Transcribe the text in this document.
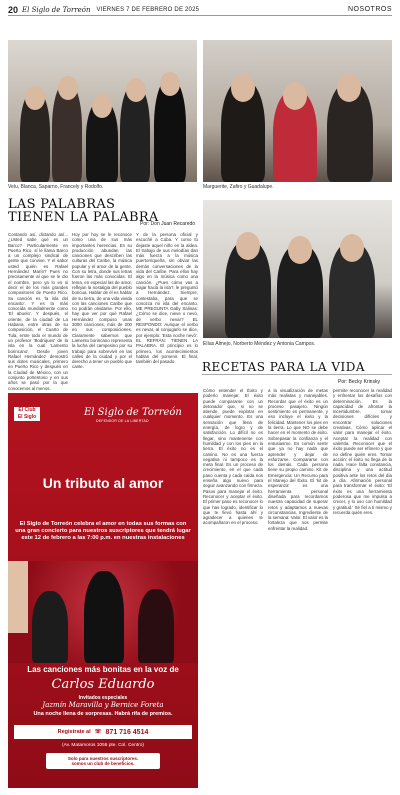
20 El Siglo de Torreón VIERNES 7 DE FEBRERO DE 2025	NOSOTROS
Velu, Blanca, Saparno, Francely y Rodolfo.	Marguerite, Zafiro y Guadalupe.
LAS PALABRAS
TIENEN LA PALABRA
Por: Don Juan Recaredo
Contando así, dictando así... ¿Usted sabe qué es un Barco? Particularmente en Puerto Rico, sí le llama Barco a un complejo sindical de gente que convive. Y el sabor usted quién es Rafael Hernández Marín? Pues no precisamente al que se le dio el nombre, pero ya lo es si decir el de los más grandes compositores de Puerto Rico. Su canción es 'la isla del encanto'. Y es la más conocida mundialmente como 'El abuelo'. Y después, el oriente, de la ciudad de La Habana, entre otras de su composición, el Cuarto de Tula, entre todo el mundo de un profesor 'Bodriques' de la isla en la cual 'Lamento borincano'. Desde joven Rafael Hernández demostró sus dotes musicales, primero en Puerto Rico y después en la Ciudad de México, con un conjunto portentoso y en sus años se pasó por la que conocemos al menos.
Hoy por hoy se le reconoce como una de sus más importantes herencias. En su producción abundan las canciones que describen las culturas del Caribe, la música popular y el amor de la gente. Con su letra, donde sus letras fueron las más conocidas. El tema, en especial las de amor, reflejan la nostalgia del pueblo boricua. Hablar de él es hablar de su tierra, de una vida vivida con las canciones Caribe que no podrán olvidarse. Por ello, hay que ver por qué Rafael Hernández compuso unas 3000 canciones, más de 200 en sus composiciones. Claramente sabemos que Lamento borincano representa la lucha del campesino por su trabajo para sobrevivir en las calles de la ciudad y por el derecho a tener un pueblo que cante.
Y de la persona oficial y escuché a Cuba. Y como tú dejaste aquel niño en la aldea. El trabajo de sus melodías dan más fuerza a la música puertorriqueña, sin obviar las demás conversaciones de la vida del Caribe. Para ellos hay algo en la música como una canción. ¿Pues cómo vas a viajar hacia la isla?, le preguntó a Hernández. Siempre, contestaba, para que se conozca mi isla del encanto. ME PREGUNTA Gaby Salinas: ¿Cómo se dice, nieve o nevó, de verbo nevar? EL RESPONDO: Aunque el verbo es nevar, al conjugarlo se dice, por ejemplo: 'Esta noche nevó'. EL REFRÁN: TIENEN LA PALABRA. El principio es lo primero, los acontecimientos hablan del porvenir. El final, también del pasado.
Elías Almejo, Norberto Méndez y Antonia Campos.
RECETAS PARA LA VIDA
Por: Becky Krinsky
Cómo entender el Éxito y poderlo manejar. El éxito puede compararse con un detonador que, si no se atiende, puede explotar en cualquier momento. Es una sensación que llena de energía, de logro y de satisfacción. Lo difícil no es llegar, sino mantenerse con humildad y con los pies en la tierra. El éxito no es el camino. No es una fuerza negativa ni tampoco es la meta final. Es un proceso de crecimiento, en el que cada paso cuenta y cada caída nos enseña algo nuevo para seguir avanzando con firmeza. Pasos para manejar el éxito. Reconocer y aceptar el éxito. El primer paso es reconocer lo que has logrado, identificar lo que te llevó hasta ahí y agradecer a quienes te acompañaron en el proceso.
a la visualización de metas más realistas y manejables. Recordar que el éxito es un proceso pasajero. Ningún sentimiento es permanente, y eso incluye el éxito y la felicidad. Mantener los pies en la tierra. Lo que NO se debe hacer en el momento de éxito. Sobrepasar la confianza y el entusiasmo. Es común sentir que ya no hay nada que aprender y dejar de esforzarse. Compararse con los demás. Cada persona tiene su propio camino. Kit de Emergencia: Un Recurso para el Manejo del Éxito. El 'kit de esperanza' es una herramienta personal diseñada para recordarnos nuestra capacidad de superar retos y adaptarnos a nuevas circunstancias. Ingrediente de la semana: Valor. El valor es la fortaleza que nos permite enfrentar la realidad.
permite reconocer la realidad y enfrentar los desafíos con determinación. Es la capacidad de afrontar la incertidumbre, tomar decisiones difíciles y encontrar soluciones creativas. Cómo aplicar el valor para manejar el éxito. Aceptar la realidad con valentía. Reconocer que el éxito puede ser efímero y que no define quién eres. Tomar acción: el éxito no llega de la nada. Hace falta constancia, disciplina y una actitud positiva ante los retos del día a día. Afirmación personal para transformar el éxito: 'El éxito es una herramienta poderosa que me impulsa a crecer, y lo uso con humildad y gratitud.' Sé fiel a ti mismo y recuerda quién eres.
El Club
El Siglo	El Siglo de Torreón
DEFENSOR DE LA LIBERTAD
Un tributo al amor
El Siglo de Torreón celebra el amor en todas sus formas con una gran concierto para nuestros suscriptores que tendrá lugar este 12 de febrero a las 7:00 p.m. en nuestras instalaciones
Las canciones más bonitas en la voz de
Carlos Eduardo
Invitados especiales
Jazmín Maravilla y Bernice Foreta
Una noche llena de sorpresas. Habrá rifa de premios.
Registrate al ☏ 871 716 4514
(Av. Matamoros 1056 pte. Col. Centro)
Solo para nuestros suscriptores.
somos un club de beneficios.
